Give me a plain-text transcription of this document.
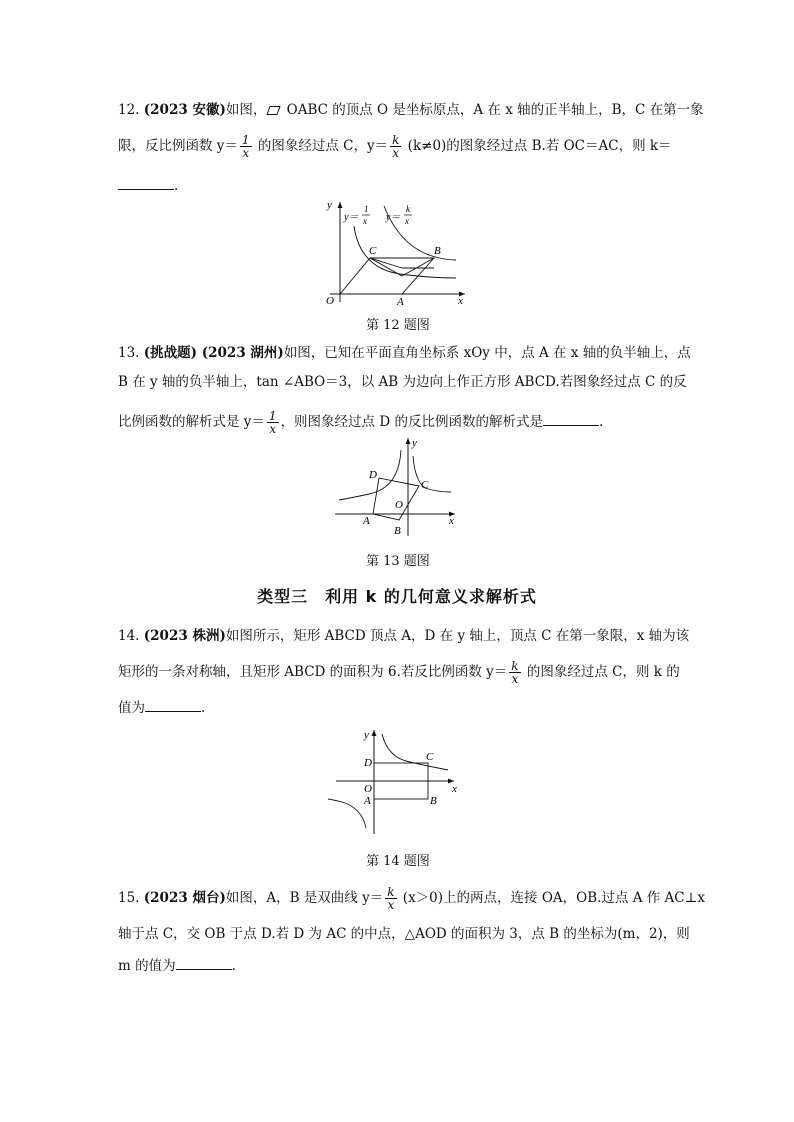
12. (2023 安徽)如图， OABC 的顶点 O 是坐标原点，A 在 x 轴的正半轴上，B，C 在第一象
限，反比例函数 $y= \frac{1}{x}$ 的图象经过点 C，$y= \frac{k}{x} (k\ne 0)$的图象经过点 B.若 OC＝AC，则 k＝
.
y
x
O	A
B
C
y＝
1
x y＝
k
x
第 12 题图
13. (挑战题) (2023 湖州)如图，已知在平面直角坐标系 xOy 中，点 A 在 x 轴的负半轴上，点
B 在 y 轴的负半轴上，tan ∠ABO＝3，以 AB 为边向上作正方形 ABCD.若图象经过点 C 的反
比例函数的解析式是 $y= \frac{1}{x}$ ，则图象经过点 D 的反比例函数的解析式是	.
y
x
O
A
B
C
D
第 13 题图
类型三　利用 k 的几何意义求解析式
14. (2023 株洲)如图所示，矩形 ABCD 顶点 A，D 在 y 轴上，顶点 C 在第一象限，x 轴为该
矩形的一条对称轴，且矩形 ABCD 的面积为 6.若反比例函数 $y= \frac{k}{x}$ 的图象经过点 C，则 k 的
值为	.
y
x
O
A	B
C
D
第 14 题图
15. (2023 烟台)如图，A，B 是双曲线 $y= \frac{k}{x} (x>0)$上的两点，连接 OA，OB.过点 A 作 AC⊥x
轴于点 C，交 OB 于点 D.若 D 为 AC 的中点，△AOD 的面积为 3，点 B 的坐标为(m，2)，则
m 的值为	.
